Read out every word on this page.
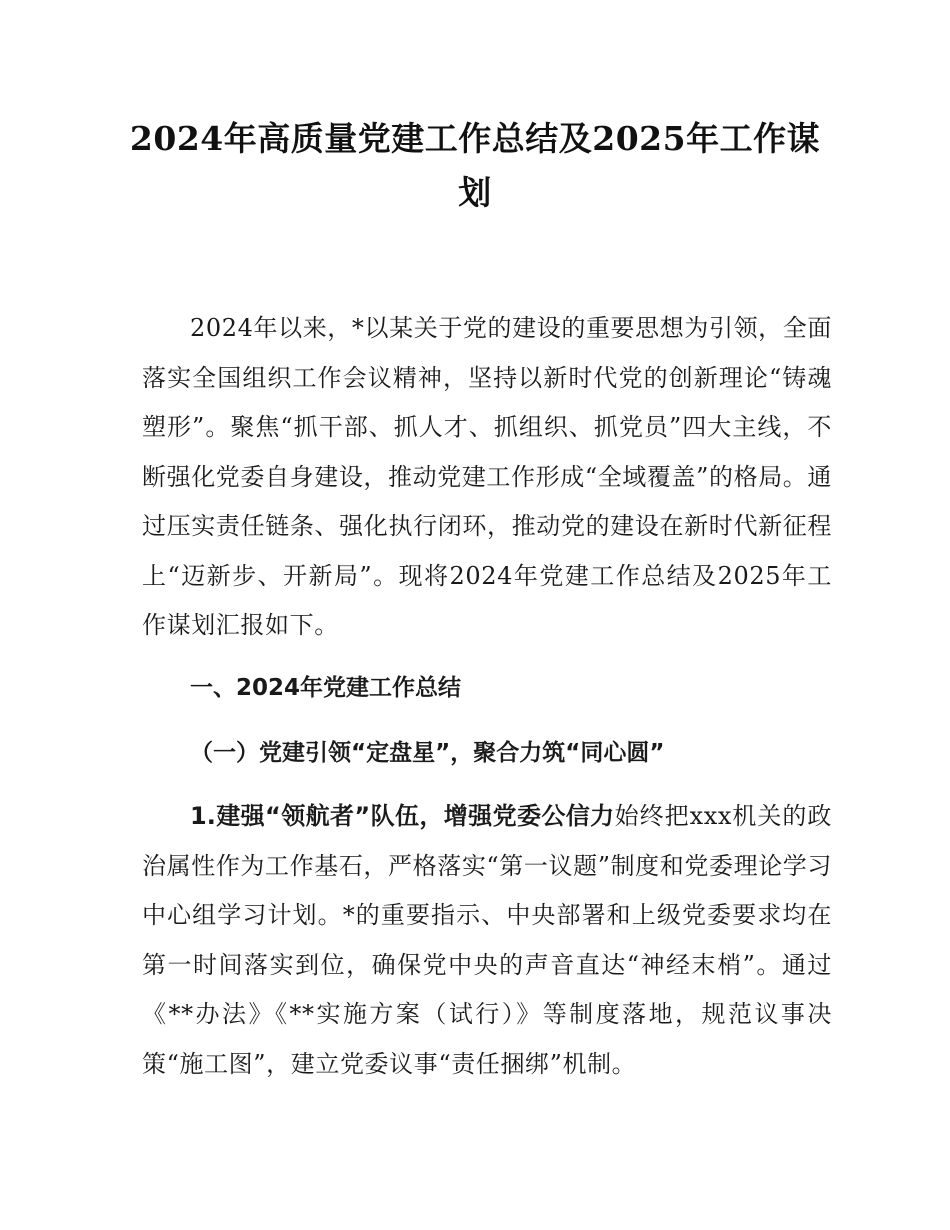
2024年高质量党建工作总结及2025年工作谋划

2024年以来，*以某关于党的建设的重要思想为引领，全面落实全国组织工作会议精神，坚持以新时代党的创新理论“铸魂塑形”。聚焦“抓干部、抓人才、抓组织、抓党员”四大主线，不断强化党委自身建设，推动党建工作形成“全域覆盖”的格局。通过压实责任链条、强化执行闭环，推动党的建设在新时代新征程上“迈新步、开新局”。现将2024年党建工作总结及2025年工作谋划汇报如下。

一、2024年党建工作总结
（一）党建引领“定盘星”，聚合力筑“同心圆”

1.建强“领航者”队伍，增强党委公信力始终把xxx机关的政治属性作为工作基石，严格落实“第一议题”制度和党委理论学习中心组学习计划。*的重要指示、中央部署和上级党委要求均在第一时间落实到位，确保党中央的声音直达“神经末梢”。通过《**办法》《**实施方案（试行）》等制度落地，规范议事决策“施工图”，建立党委议事“责任捆绑”机制。
